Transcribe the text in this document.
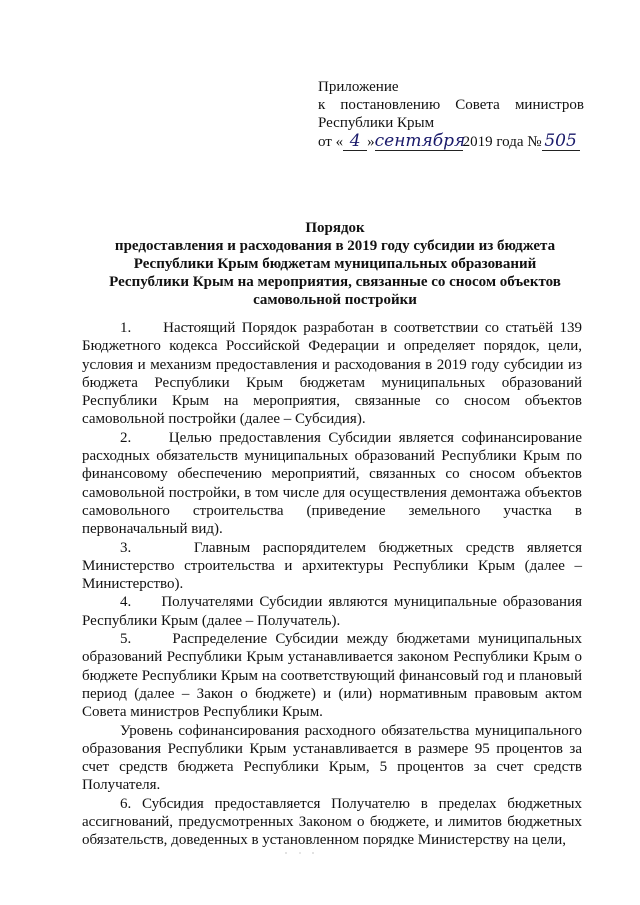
Приложение
к постановлению Совета министров
Республики Крым
от « 4 »сентября2019 года № 505
Порядок
предоставления и расходования в 2019 году субсидии из бюджета
Республики Крым бюджетам муниципальных образований
Республики Крым на мероприятия, связанные со сносом объектов
самовольной постройки

1.     Настоящий Порядок разработан в соответствии со статьёй 139 Бюджетного кодекса Российской Федерации и определяет порядок, цели, условия и механизм предоставления и расходования в 2019 году субсидии из бюджета Республики Крым бюджетам муниципальных образований Республики Крым на мероприятия, связанные со сносом объектов самовольной постройки (далее – Субсидия).

2.     Целью предоставления Субсидии является софинансирование расходных обязательств муниципальных образований Республики Крым по финансовому обеспечению мероприятий, связанных со сносом объектов самовольной постройки, в том числе для осуществления демонтажа объектов самовольного строительства (приведение земельного участка в первоначальный вид).

3.     Главным распорядителем бюджетных средств является Министерство строительства и архитектуры Республики Крым (далее – Министерство).

4.     Получателями Субсидии являются муниципальные образования Республики Крым (далее – Получатель).

5.     Распределение Субсидии между бюджетами муниципальных образований Республики Крым устанавливается законом Республики Крым о бюджете Республики Крым на соответствующий финансовый год и плановый период (далее – Закон о бюджете) и (или) нормативным правовым актом Совета министров Республики Крым.

Уровень софинансирования расходного обязательства муниципального образования Республики Крым устанавливается в размере 95 процентов за счет средств бюджета Республики Крым, 5 процентов за счет средств Получателя.

6. Субсидия предоставляется Получателю в пределах бюджетных ассигнований, предусмотренных Законом о бюджете, и лимитов бюджетных обязательств, доведенных в установленном порядке Министерству на цели,
